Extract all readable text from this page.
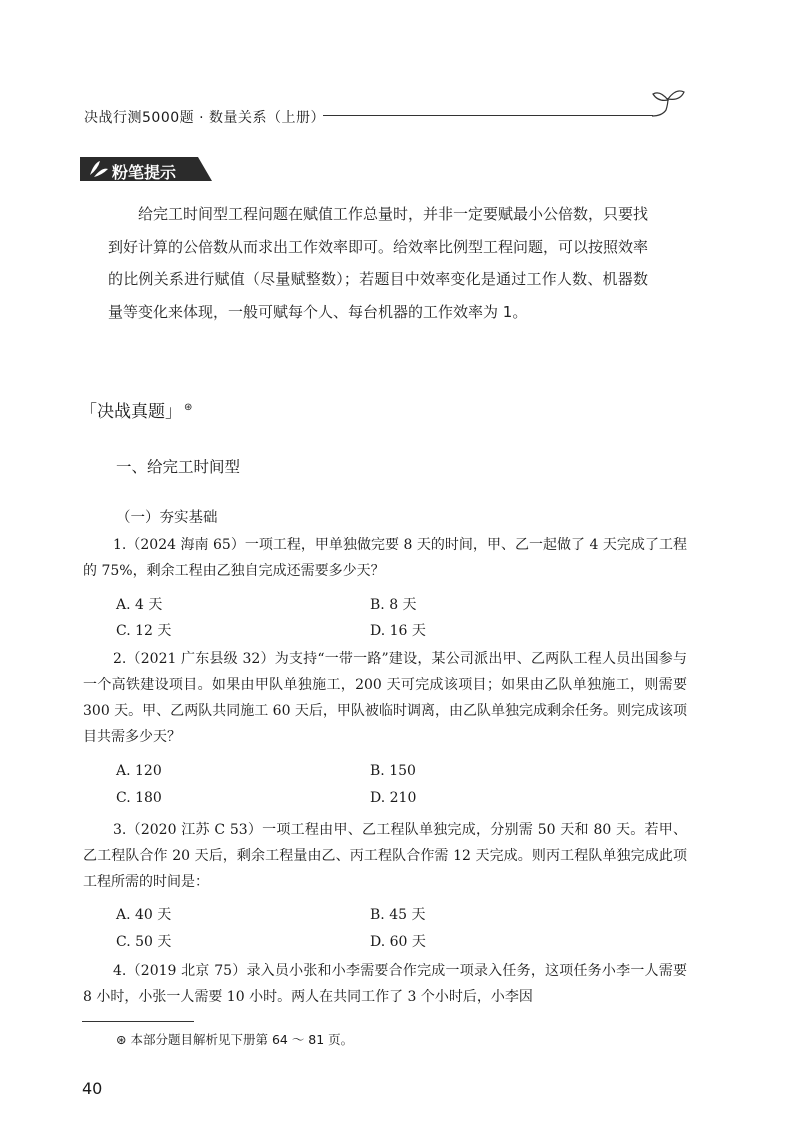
决战行测5000题 · 数量关系（上册）
粉笔提示
给完工时间型工程问题在赋值工作总量时，并非一定要赋最小公倍数，只要找到好计算的公倍数从而求出工作效率即可。给效率比例型工程问题，可以按照效率的比例关系进行赋值（尽量赋整数）；若题目中效率变化是通过工作人数、机器数量等变化来体现，一般可赋每个人、每台机器的工作效率为 1。
「决战真题」 ⊛
一、给完工时间型
（一）夯实基础
1.（2024 海南 65）一项工程，甲单独做完要 8 天的时间，甲、乙一起做了 4 天完成了工程的 75%，剩余工程由乙独自完成还需要多少天？
A. 4 天	B. 8 天
C. 12 天	D. 16 天
2.（2021 广东县级 32）为支持“一带一路”建设，某公司派出甲、乙两队工程人员出国参与一个高铁建设项目。如果由甲队单独施工，200 天可完成该项目；如果由乙队单独施工，则需要 300 天。甲、乙两队共同施工 60 天后，甲队被临时调离，由乙队单独完成剩余任务。则完成该项目共需多少天？
A. 120	B. 150
C. 180	D. 210
3.（2020 江苏 C 53）一项工程由甲、乙工程队单独完成，分别需 50 天和 80 天。若甲、乙工程队合作 20 天后，剩余工程量由乙、丙工程队合作需 12 天完成。则丙工程队单独完成此项工程所需的时间是：
A. 40 天	B. 45 天
C. 50 天	D. 60 天
4.（2019 北京 75）录入员小张和小李需要合作完成一项录入任务，这项任务小李一人需要 8 小时，小张一人需要 10 小时。两人在共同工作了 3 个小时后，小李因
⊛ 本部分题目解析见下册第 64 ～ 81 页。
40
